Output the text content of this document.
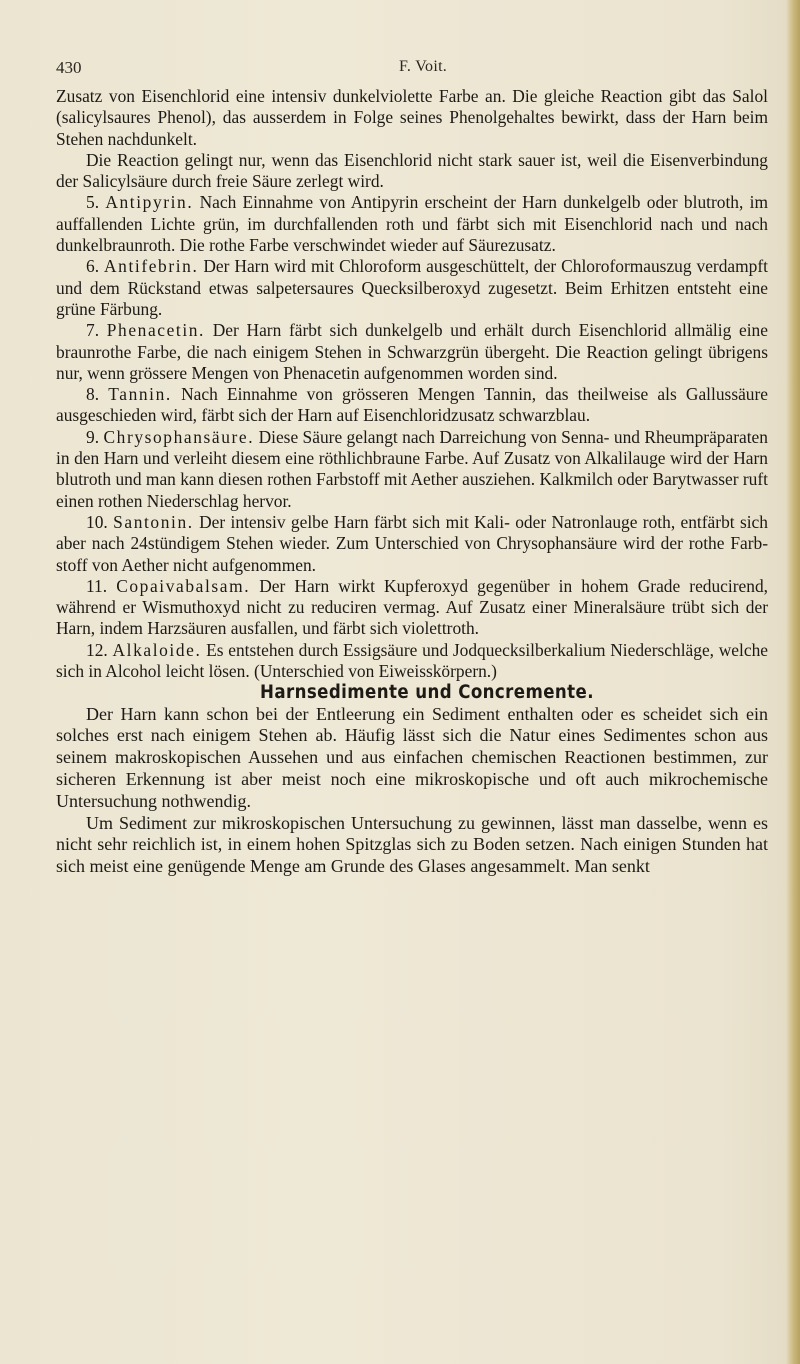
430	F. Voit.

Zusatz von Eisenchlorid eine intensiv dunkelviolette Farbe an. Die gleiche Reaction gibt das Salol (salicylsaures Phenol), das ausserdem in Folge seines Phenolgehaltes bewirkt, dass der Harn beim Stehen nachdunkelt.

Die Reaction gelingt nur, wenn das Eisenchlorid nicht stark sauer ist, weil die Eisenverbindung der Salicylsäure durch freie Säure zerlegt wird.

5. Antipyrin. Nach Einnahme von Antipyrin erscheint der Harn dunkelgelb oder blutroth, im auffallenden Lichte grün, im durchfallenden roth und färbt sich mit Eisenchlorid nach und nach dunkelbraunroth. Die rothe Farbe verschwindet wieder auf Säurezusatz.

6. Antifebrin. Der Harn wird mit Chloroform ausgeschüttelt, der Chloroformauszug verdampft und dem Rückstand etwas salpetersaures Quecksilberoxyd zugesetzt. Beim Erhitzen entsteht eine grüne Färbung.

7. Phenacetin. Der Harn färbt sich dunkelgelb und erhält durch Eisenchlorid allmälig eine braunrothe Farbe, die nach einigem Stehen in Schwarzgrün übergeht. Die Reaction gelingt übrigens nur, wenn grössere Mengen von Phenacetin aufgenommen worden sind.

8. Tannin. Nach Einnahme von grösseren Mengen Tannin, das theilweise als Gallussäure ausgeschieden wird, färbt sich der Harn auf Eisenchloridzusatz schwarzblau.

9. Chrysophansäure. Diese Säure gelangt nach Darreichung von Senna- und Rheumpräparaten in den Harn und verleiht diesem eine röthlichbraune Farbe. Auf Zusatz von Alkalilauge wird der Harn blutroth und man kann diesen rothen Farbstoff mit Aether ausziehen. Kalkmilch oder Barytwasser ruft einen rothen Niederschlag hervor.

10. Santonin. Der intensiv gelbe Harn färbt sich mit Kali- oder Natronlauge roth, entfärbt sich aber nach 24stündigem Stehen wieder. Zum Unterschied von Chrysophansäure wird der rothe Farbstoff von Aether nicht aufgenommen.

11. Copaivabalsam. Der Harn wirkt Kupferoxyd gegenüber in hohem Grade reducirend, während er Wismuthoxyd nicht zu reduciren vermag. Auf Zusatz einer Mineralsäure trübt sich der Harn, indem Harzsäuren ausfallen, und färbt sich violettroth.

12. Alkaloide. Es entstehen durch Essigsäure und Jodquecksilberkalium Niederschläge, welche sich in Alcohol leicht lösen. (Unterschied von Eiweisskörpern.)

Harnsedimente und Concremente.

Der Harn kann schon bei der Entleerung ein Sediment enthalten oder es scheidet sich ein solches erst nach einigem Stehen ab. Häufig lässt sich die Natur eines Sedimentes schon aus seinem makroskopischen Aussehen und aus einfachen chemischen Reactionen bestimmen, zur sicheren Erkennung ist aber meist noch eine mikroskopische und oft auch mikrochemische Untersuchung nothwendig.

Um Sediment zur mikroskopischen Untersuchung zu gewinnen, lässt man dasselbe, wenn es nicht sehr reichlich ist, in einem hohen Spitzglas sich zu Boden setzen. Nach einigen Stunden hat sich meist eine genügende Menge am Grunde des Glases angesammelt. Man senkt
